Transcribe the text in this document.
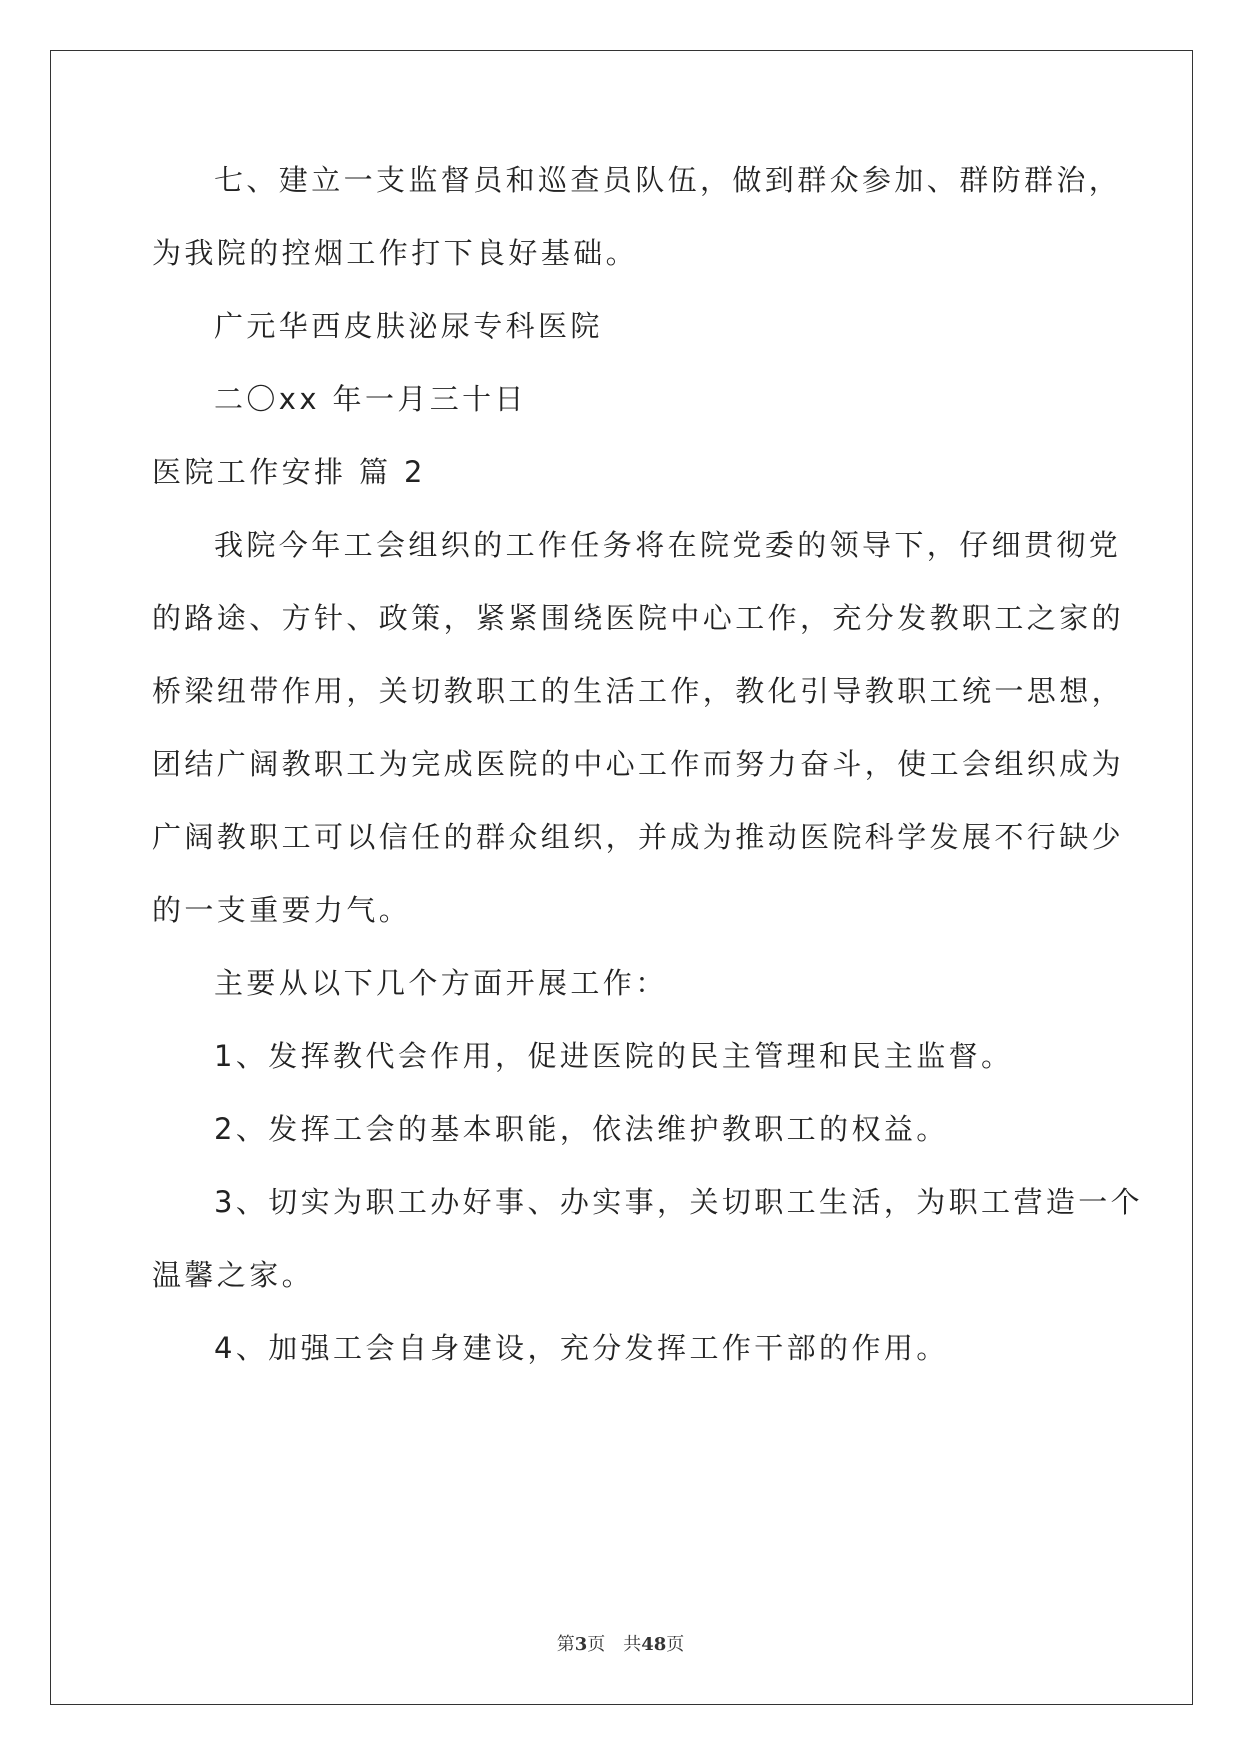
七、建立一支监督员和巡查员队伍，做到群众参加、群防群治，
为我院的控烟工作打下良好基础。
广元华西皮肤泌尿专科医院
二〇xx 年一月三十日
医院工作安排 篇 2
我院今年工会组织的工作任务将在院党委的领导下，仔细贯彻党
的路途、方针、政策，紧紧围绕医院中心工作，充分发教职工之家的
桥梁纽带作用，关切教职工的生活工作，教化引导教职工统一思想，
团结广阔教职工为完成医院的中心工作而努力奋斗，使工会组织成为
广阔教职工可以信任的群众组织，并成为推动医院科学发展不行缺少
的一支重要力气。
主要从以下几个方面开展工作：
1、发挥教代会作用，促进医院的民主管理和民主监督。
2、发挥工会的基本职能，依法维护教职工的权益。
3、切实为职工办好事、办实事，关切职工生活，为职工营造一个
温馨之家。
4、加强工会自身建设，充分发挥工作干部的作用。
第3页　共48页
